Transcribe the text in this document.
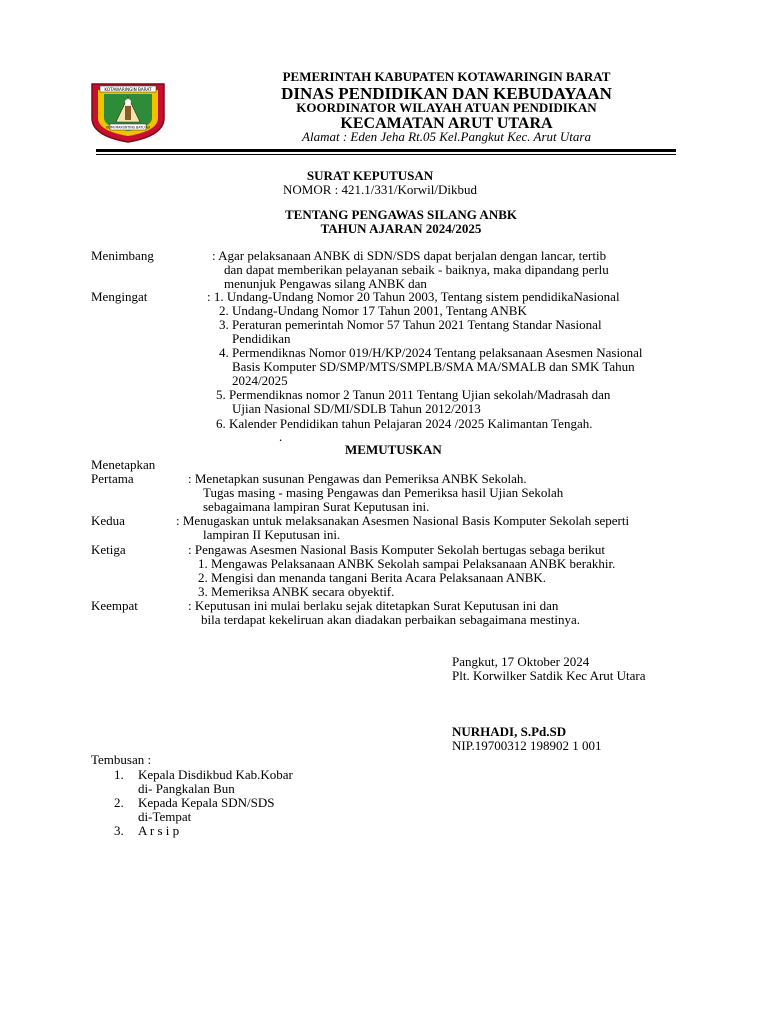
KOTAWARINGIN BARAT
BUMI MARUNTING BATU AJI
PEMERINTAH KABUPATEN KOTAWARINGIN BARAT
DINAS PENDIDIKAN DAN KEBUDAYAAN
KOORDINATOR WILAYAH ATUAN PENDIDIKAN
KECAMATAN ARUT UTARA
Alamat : Eden Jeha Rt.05 Kel.Pangkut Kec. Arut Utara
SURAT KEPUTUSAN
NOMOR : 421.1/331/Korwil/Dikbud
TENTANG PENGAWAS SILANG ANBK
TAHUN AJARAN 2024/2025
Menimbang	: Agar pelaksanaan ANBK di SDN/SDS dapat berjalan dengan lancar, tertib
dan dapat memberikan pelayanan sebaik - baiknya, maka dipandang perlu
menunjuk Pengawas silang ANBK dan
Mengingat	: 1. Undang-Undang Nomor 20 Tahun 2003, Tentang sistem pendidikaNasional
2. Undang-Undang Nomor 17 Tahun 2001, Tentang ANBK
3. Peraturan pemerintah Nomor 57 Tahun 2021 Tentang Standar Nasional
Pendidikan
4. Permendiknas Nomor 019/H/KP/2024 Tentang pelaksanaan Asesmen Nasional
Basis Komputer SD/SMP/MTS/SMPLB/SMA MA/SMALB dan SMK Tahun
2024/2025
5. Permendiknas nomor 2 Tanun 2011 Tentang Ujian sekolah/Madrasah dan
Ujian Nasional SD/MI/SDLB Tahun 2012/2013
6. Kalender Pendidikan tahun Pelajaran 2024 /2025 Kalimantan Tengah.
.
MEMUTUSKAN
Menetapkan
Pertama	: Menetapkan susunan Pengawas dan Pemeriksa ANBK Sekolah.
Tugas masing - masing Pengawas dan Pemeriksa hasil Ujian Sekolah
sebagaimana lampiran Surat Keputusan ini.
Kedua	: Menugaskan untuk melaksanakan Asesmen Nasional Basis Komputer Sekolah seperti
lampiran II Keputusan ini.
Ketiga	: Pengawas Asesmen Nasional Basis Komputer Sekolah bertugas sebaga berikut
1. Mengawas Pelaksanaan ANBK Sekolah sampai Pelaksanaan ANBK berakhir.
2. Mengisi dan menanda tangani Berita Acara Pelaksanaan ANBK.
3. Memeriksa ANBK secara obyektif.
Keempat	: Keputusan ini mulai berlaku sejak ditetapkan Surat Keputusan ini dan
bila terdapat kekeliruan akan diadakan perbaikan sebagaimana mestinya.
Pangkut, 17 Oktober 2024
Plt. Korwilker Satdik Kec Arut Utara
NURHADI, S.Pd.SD
NIP.19700312 198902 1 001
Tembusan :
1. Kepala Disdikbud Kab.Kobar
di- Pangkalan Bun
2. Kepada Kepala SDN/SDS
di-Tempat
3. A r s i p
